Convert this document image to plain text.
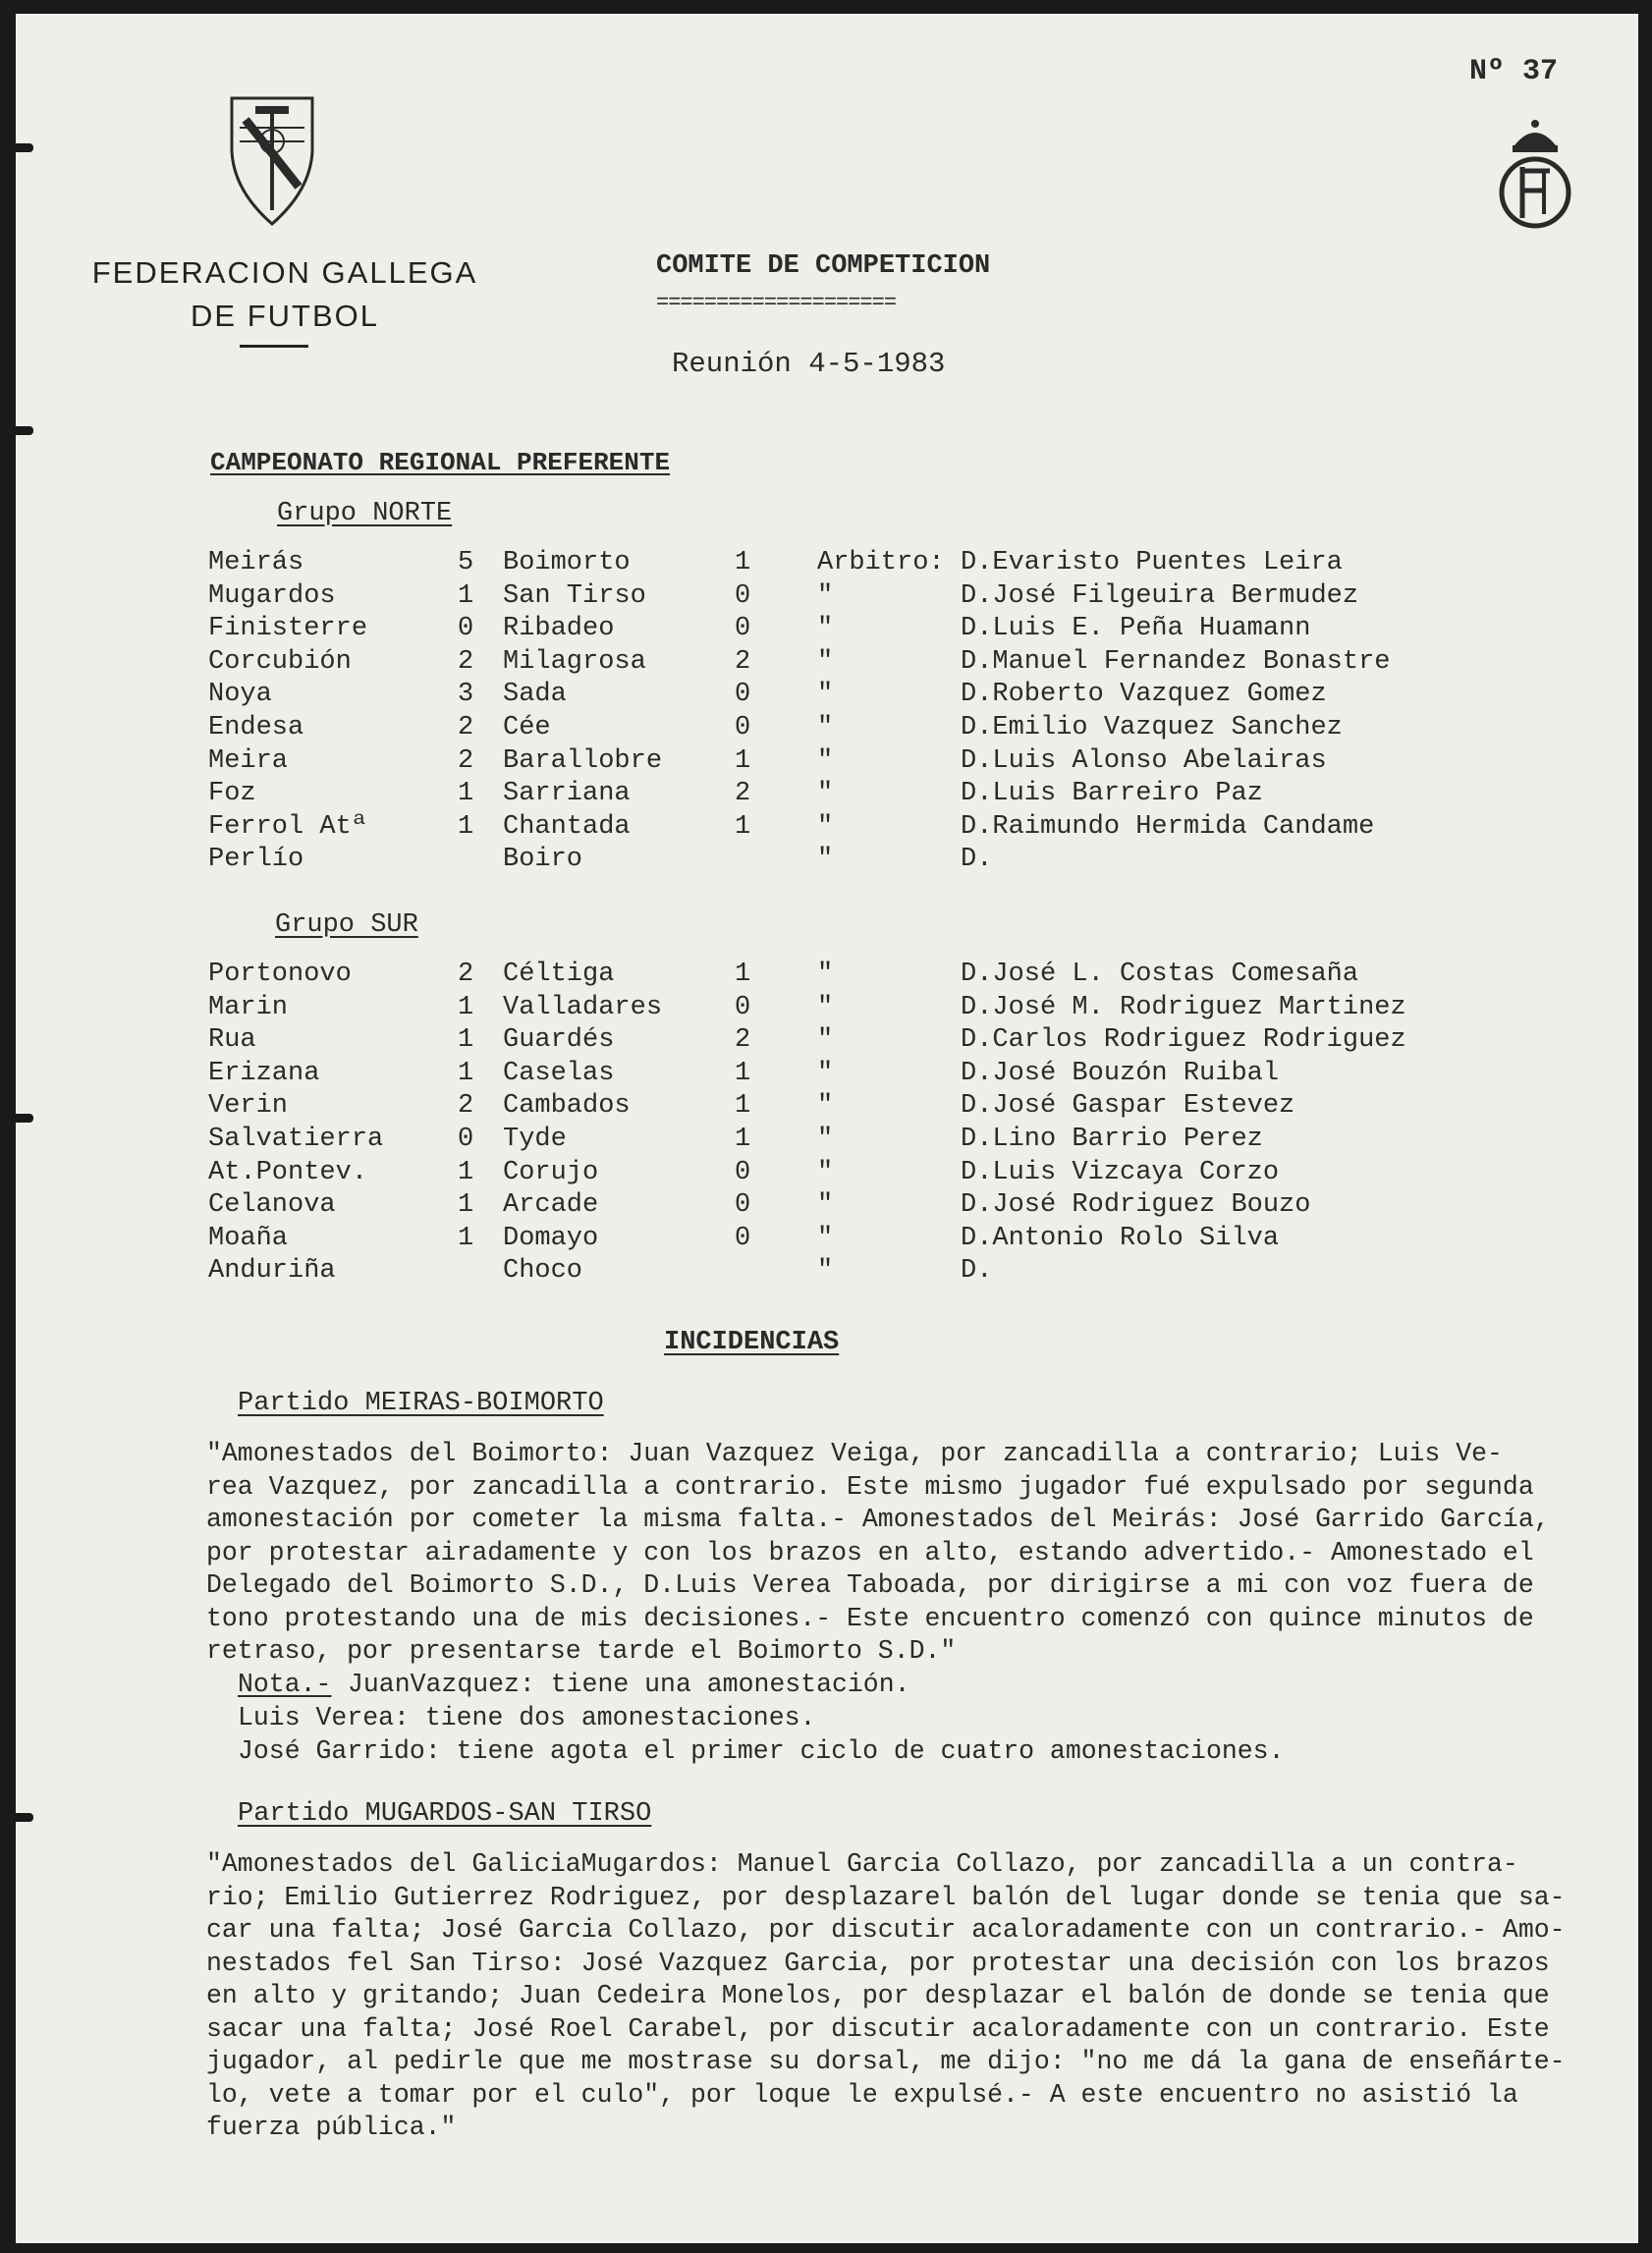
Nº 37
FEDERACION GALLEGA
DE FUTBOL
COMITE DE COMPETICION
====================
Reunión 4-5-1983
CAMPEONATO REGIONAL PREFERENTE
Grupo NORTE
Meirás	5 Boimorto	1	Arbitro: D.Evaristo Puentes Leira
Mugardos	1 San Tirso	0	"	D.José Filgeuira Bermudez
Finisterre	0 Ribadeo	0	"	D.Luis E. Peña Huamann
Corcubión	2 Milagrosa	2	"	D.Manuel Fernandez Bonastre
Noya	3 Sada	0	"	D.Roberto Vazquez Gomez
Endesa	2 Cée	0	"	D.Emilio Vazquez Sanchez
Meira	2 Barallobre	1	"	D.Luis Alonso Abelairas
Foz	1 Sarriana	2	"	D.Luis Barreiro Paz
Ferrol Atª	1 Chantada	1	"	D.Raimundo Hermida Candame
Perlío	Boiro	"	D.
Grupo SUR
Portonovo	2 Céltiga	1	"	D.José L. Costas Comesaña
Marin	1 Valladares	0	"	D.José M. Rodriguez Martinez
Rua	1 Guardés	2	"	D.Carlos Rodriguez Rodriguez
Erizana	1 Caselas	1	"	D.José Bouzón Ruibal
Verin	2 Cambados	1	"	D.José Gaspar Estevez
Salvatierra	0 Tyde	1	"	D.Lino Barrio Perez
At.Pontev.	1 Corujo	0	"	D.Luis Vizcaya Corzo
Celanova	1 Arcade	0	"	D.José Rodriguez Bouzo
Moaña	1 Domayo	0	"	D.Antonio Rolo Silva
Anduriña	Choco	"	D.
INCIDENCIAS
Partido MEIRAS-BOIMORTO
"Amonestados del Boimorto: Juan Vazquez Veiga, por zancadilla a contrario; Luis Ve-
rea Vazquez, por zancadilla a contrario. Este mismo jugador fué expulsado por segunda
amonestación por cometer la misma falta.- Amonestados del Meirás: José Garrido García,
por protestar airadamente y con los brazos en alto, estando advertido.- Amonestado el
Delegado del Boimorto S.D., D.Luis Verea Taboada, por dirigirse a mi con voz fuera de
tono protestando una de mis decisiones.- Este encuentro comenzó con quince minutos de
retraso, por presentarse tarde el Boimorto S.D."
Nota.- JuanVazquez: tiene una amonestación.
Luis Verea: tiene dos amonestaciones.
José Garrido: tiene agota el primer ciclo de cuatro amonestaciones.
Partido MUGARDOS-SAN TIRSO
"Amonestados del GaliciaMugardos: Manuel Garcia Collazo, por zancadilla a un contra-
rio; Emilio Gutierrez Rodriguez, por desplazarel balón del lugar donde se tenia que sa-
car una falta; José Garcia Collazo, por discutir acaloradamente con un contrario.- Amo-
nestados fel San Tirso: José Vazquez Garcia, por protestar una decisión con los brazos
en alto y gritando; Juan Cedeira Monelos, por desplazar el balón de donde se tenia que
sacar una falta; José Roel Carabel, por discutir acaloradamente con un contrario. Este
jugador, al pedirle que me mostrase su dorsal, me dijo: "no me dá la gana de enseñárte-
lo, vete a tomar por el culo", por loque le expulsé.- A este encuentro no asistió la
fuerza pública."
